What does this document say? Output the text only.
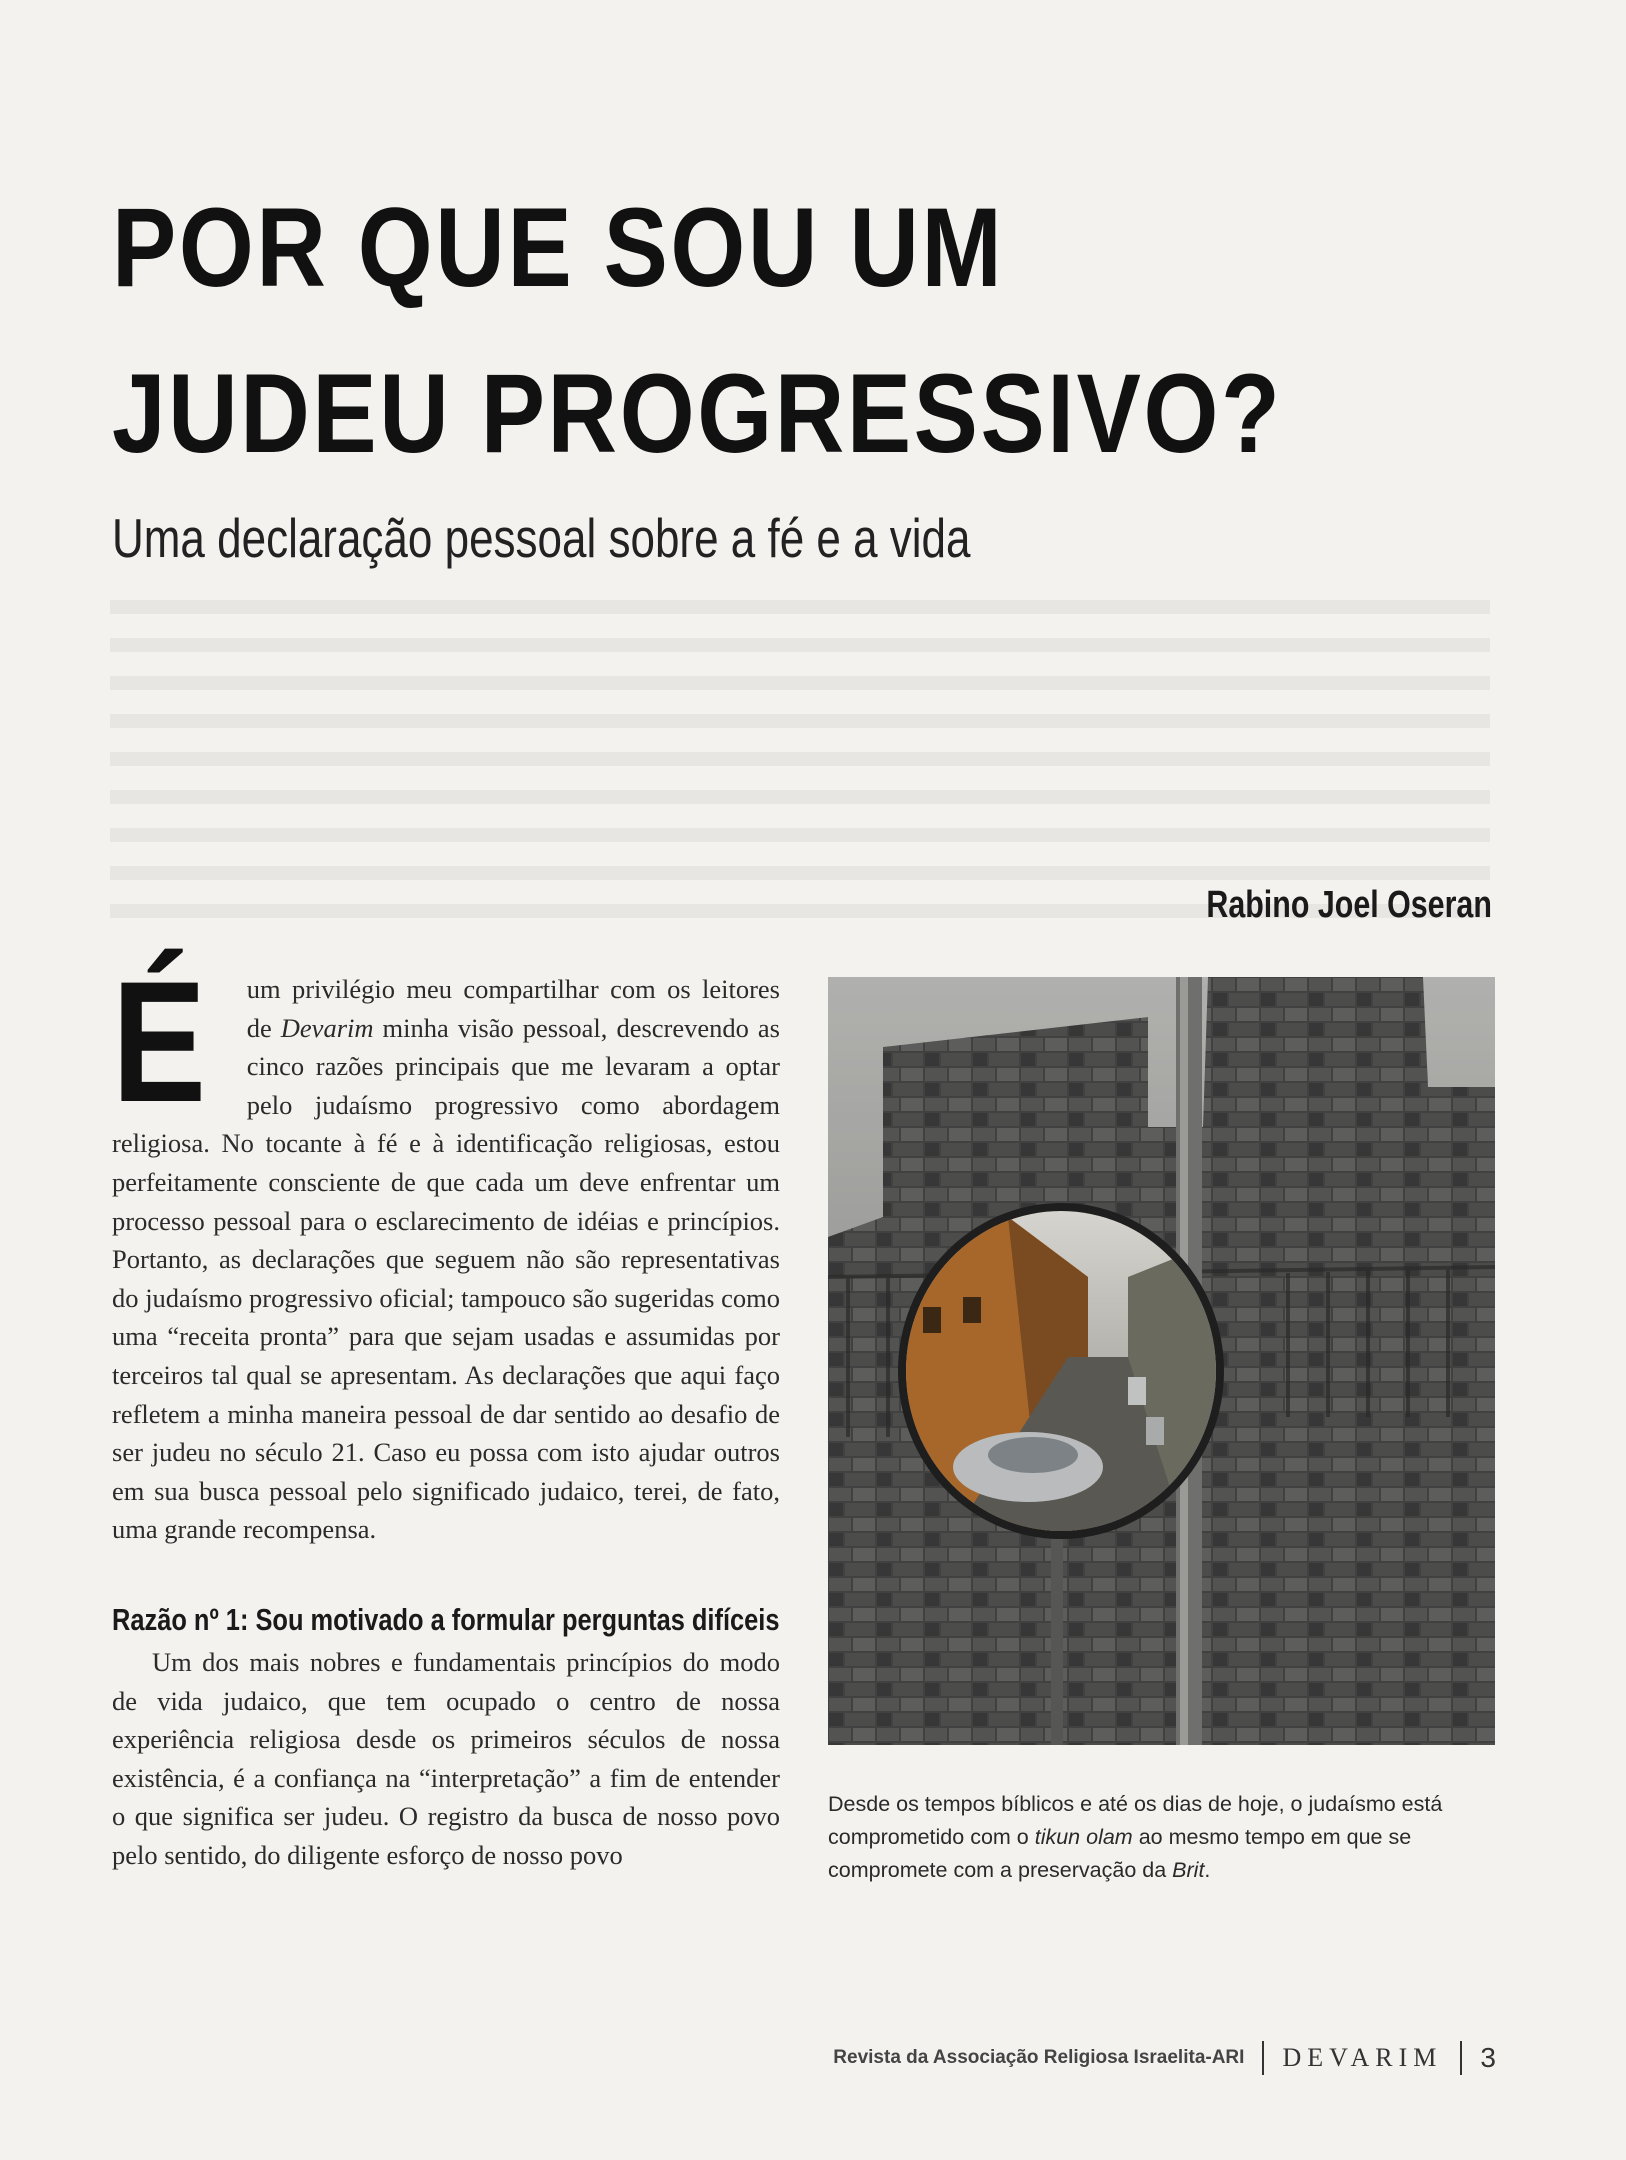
POR QUE SOU UM
JUDEU PROGRESSIVO?
Uma declaração pessoal sobre a fé e a vida

Rabino Joel Oseran

É um privilégio meu compartilhar com os leitores de Devarim minha visão pessoal, descrevendo as cinco razões principais que me levaram a optar pelo judaísmo progressivo como abordagem religiosa. No tocante à fé e à identificação religiosas, estou perfeitamente consciente de que cada um deve enfrentar um processo pessoal para o esclarecimento de idéias e princípios. Portanto, as declarações que seguem não são representativas do judaísmo progressivo oficial; tampouco são sugeridas como uma “receita pronta” para que sejam usadas e assumidas por terceiros tal qual se apresentam. As declarações que aqui faço refletem a minha maneira pessoal de dar sentido ao desafio de ser judeu no século 21. Caso eu possa com isto ajudar outros em sua busca pessoal pelo significado judaico, terei, de fato, uma grande recompensa.

Razão nº 1: Sou motivado a formular perguntas difíceis

Um dos mais nobres e fundamentais princípios do modo de vida judaico, que tem ocupado o centro de nossa experiência religiosa desde os primeiros séculos de nossa existência, é a confiança na “interpretação” a fim de entender o que significa ser judeu. O registro da busca de nosso povo pelo sentido, do diligente esforço de nosso povo

Desde os tempos bíblicos e até os dias de hoje, o judaísmo está comprometido com o tikun olam ao mesmo tempo em que se compromete com a preservação da Brit.

Revista da Associação Religiosa Israelita-ARI DEVARIM 3
